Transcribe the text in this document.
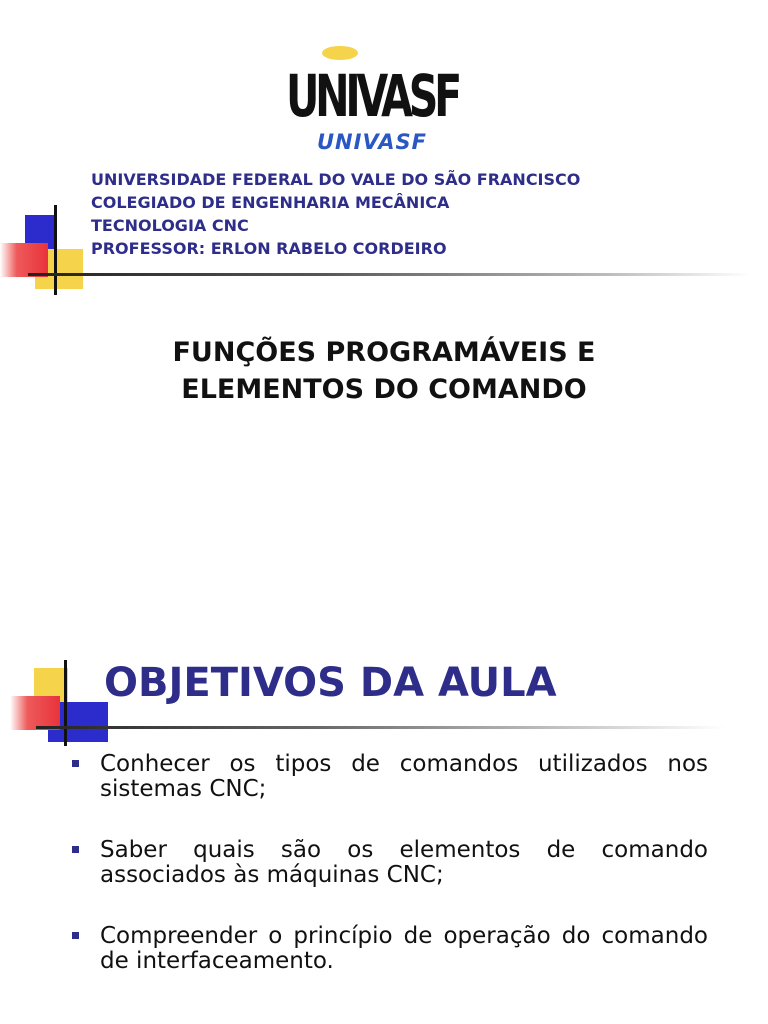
UNIVASF
UNIVASF
UNIVERSIDADE FEDERAL DO VALE DO SÃO FRANCISCO
COLEGIADO DE ENGENHARIA MECÂNICA
TECNOLOGIA CNC
PROFESSOR: ERLON RABELO CORDEIRO
FUNÇÕES PROGRAMÁVEIS E
ELEMENTOS DO COMANDO
OBJETIVOS DA AULA
Conhecer os tipos de comandos utilizados nos sistemas CNC;
Saber quais são os elementos de comando associados às máquinas CNC;
Compreender o princípio de operação do comando de interfaceamento.
